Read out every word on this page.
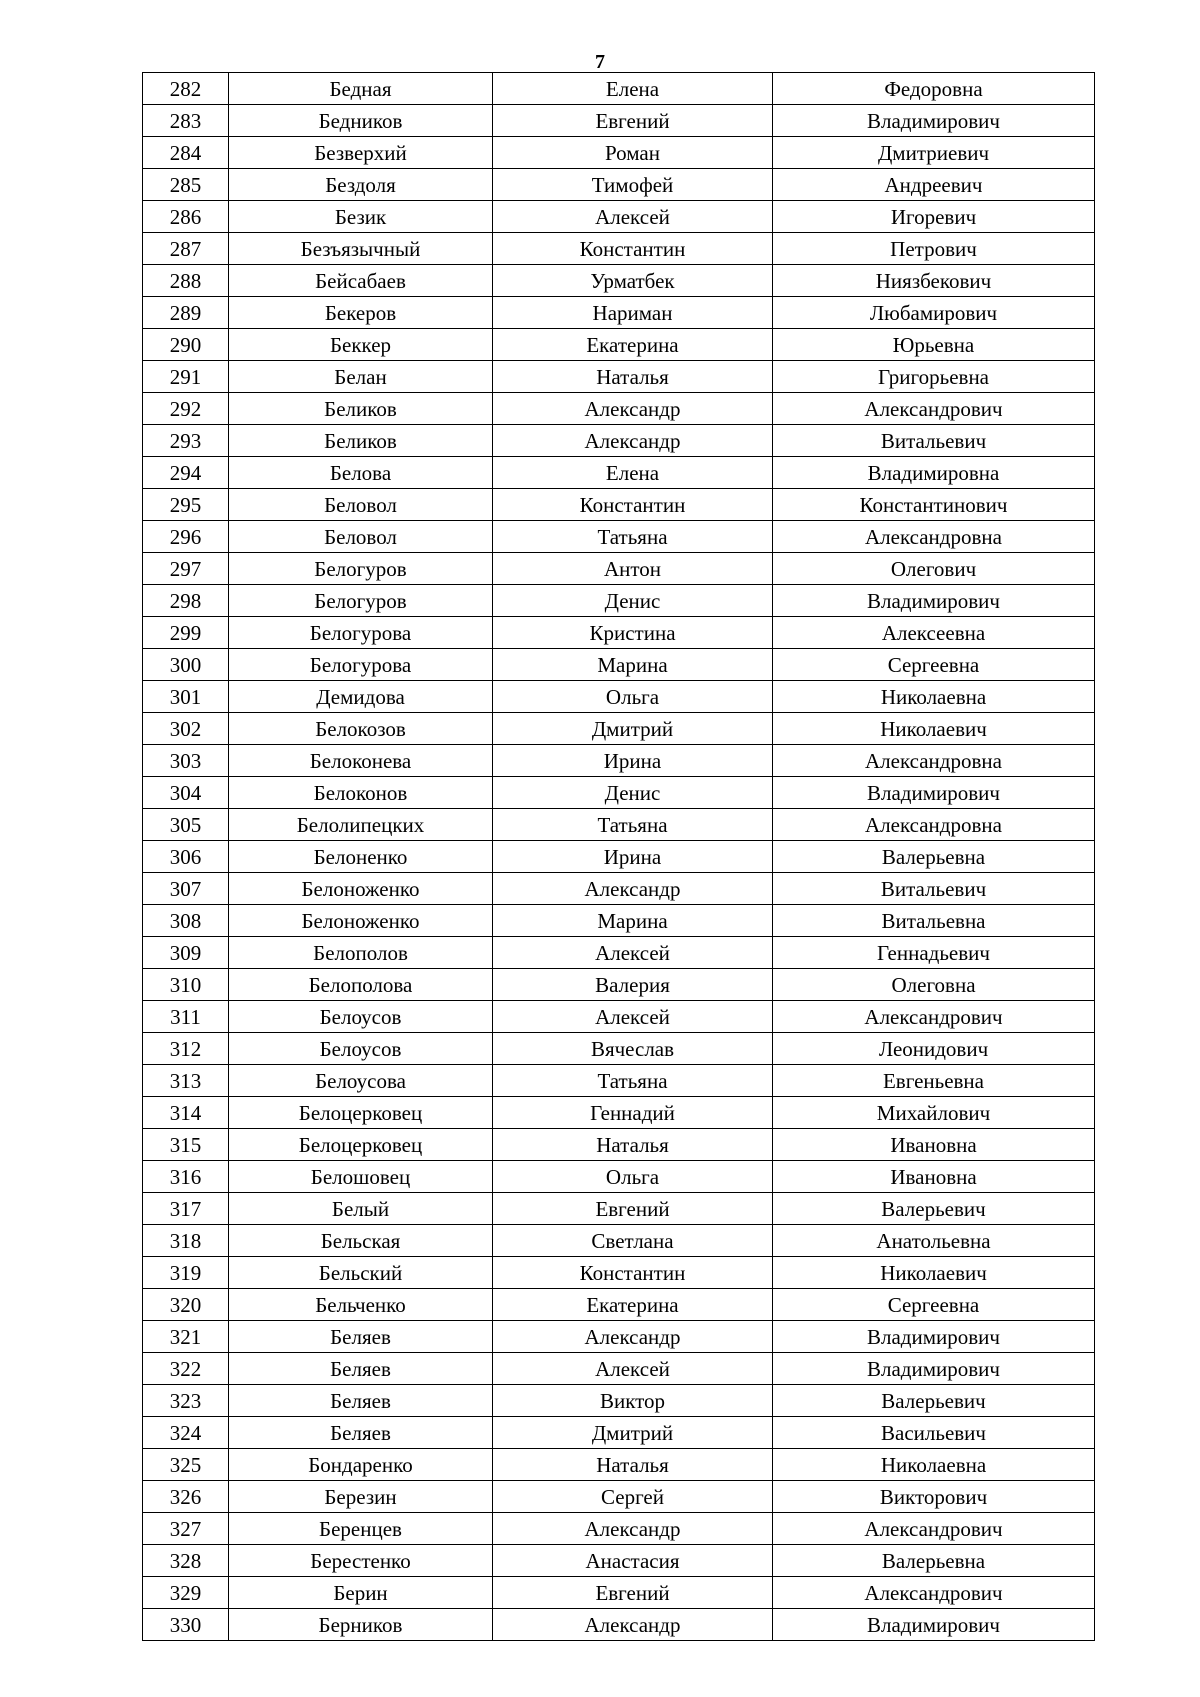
7
282	Бедная	Елена	Федоровна
283	Бедников	Евгений	Владимирович
284	Безверхий	Роман	Дмитриевич
285	Бездоля	Тимофей	Андреевич
286	Безик	Алексей	Игоревич
287	Безъязычный	Константин	Петрович
288	Бейсабаев	Урматбек	Ниязбекович
289	Бекеров	Нариман	Любамирович
290	Беккер	Екатерина	Юрьевна
291	Белан	Наталья	Григорьевна
292	Беликов	Александр	Александрович
293	Беликов	Александр	Витальевич
294	Белова	Елена	Владимировна
295	Беловол	Константин	Константинович
296	Беловол	Татьяна	Александровна
297	Белогуров	Антон	Олегович
298	Белогуров	Денис	Владимирович
299	Белогурова	Кристина	Алексеевна
300	Белогурова	Марина	Сергеевна
301	Демидова	Ольга	Николаевна
302	Белокозов	Дмитрий	Николаевич
303	Белоконева	Ирина	Александровна
304	Белоконов	Денис	Владимирович
305	Белолипецких	Татьяна	Александровна
306	Белоненко	Ирина	Валерьевна
307	Белоноженко	Александр	Витальевич
308	Белоноженко	Марина	Витальевна
309	Белополов	Алексей	Геннадьевич
310	Белополова	Валерия	Олеговна
311	Белоусов	Алексей	Александрович
312	Белоусов	Вячеслав	Леонидович
313	Белоусова	Татьяна	Евгеньевна
314	Белоцерковец	Геннадий	Михайлович
315	Белоцерковец	Наталья	Ивановна
316	Белошовец	Ольга	Ивановна
317	Белый	Евгений	Валерьевич
318	Бельская	Светлана	Анатольевна
319	Бельский	Константин	Николаевич
320	Бельченко	Екатерина	Сергеевна
321	Беляев	Александр	Владимирович
322	Беляев	Алексей	Владимирович
323	Беляев	Виктор	Валерьевич
324	Беляев	Дмитрий	Васильевич
325	Бондаренко	Наталья	Николаевна
326	Березин	Сергей	Викторович
327	Беренцев	Александр	Александрович
328	Берестенко	Анастасия	Валерьевна
329	Берин	Евгений	Александрович
330	Берников	Александр	Владимирович
